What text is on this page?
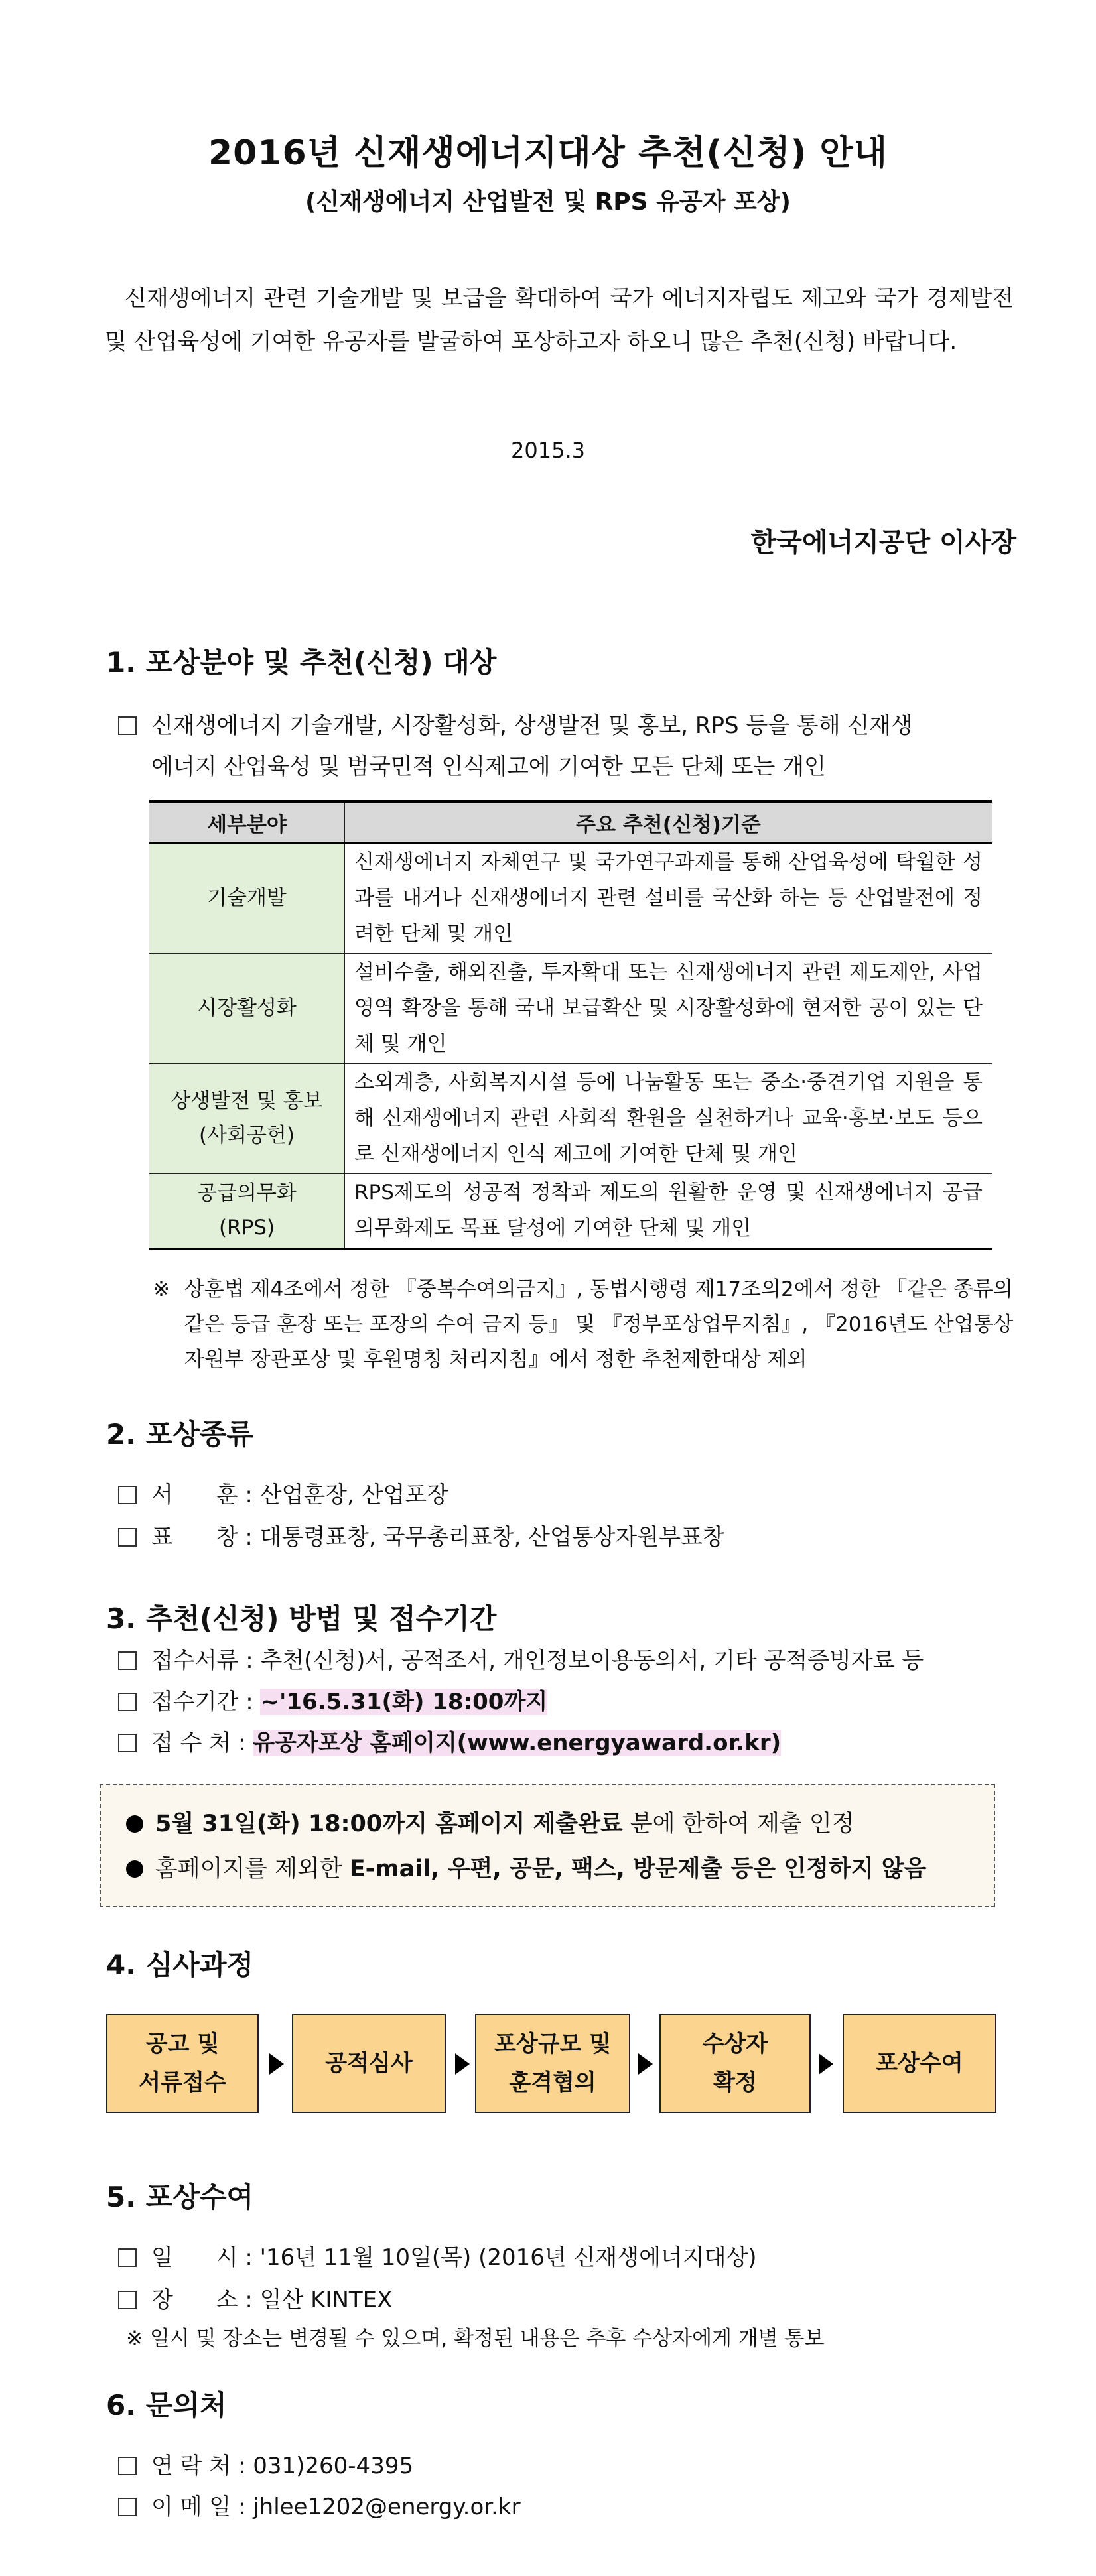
2016년 신재생에너지대상 추천(신청) 안내
(신재생에너지 산업발전 및 RPS 유공자 포상)
신재생에너지 관련 기술개발 및 보급을 확대하여 국가 에너지자립도 제고와 국가 경제발전 및 산업육성에 기여한 유공자를 발굴하여 포상하고자 하오니 많은 추천(신청) 바랍니다.
2015.3
한국에너지공단 이사장
1. 포상분야 및 추천(신청) 대상
신재생에너지 기술개발, 시장활성화, 상생발전 및 홍보, RPS 등을 통해 신재생
에너지 산업육성 및 범국민적 인식제고에 기여한 모든 단체 또는 개인
세부분야	주요 추천(신청)기준
기술개발	신재생에너지 자체연구 및 국가연구과제를 통해 산업육성에 탁월한 성과를 내거나 신재생에너지 관련 설비를 국산화 하는 등 산업발전에 정려한 단체 및 개인
시장활성화	설비수출, 해외진출, 투자확대 또는 신재생에너지 관련 제도제안, 사업영역 확장을 통해 국내 보급확산 및 시장활성화에 현저한 공이 있는 단체 및 개인
상생발전 및 홍보
(사회공헌)	소외계층, 사회복지시설 등에 나눔활동 또는 중소·중견기업 지원을 통해 신재생에너지 관련 사회적 환원을 실천하거나 교육·홍보·보도 등으로 신재생에너지 인식 제고에 기여한 단체 및 개인
공급의무화
(RPS)	RPS제도의 성공적 정착과 제도의 원활한 운영 및 신재생에너지 공급의무화제도 목표 달성에 기여한 단체 및 개인
※ 상훈법 제4조에서 정한 『중복수여의금지』, 동법시행령 제17조의2에서 정한 『같은 종류의 같은 등급 훈장 또는 포장의 수여 금지 등』 및 『정부포상업무지침』, 『2016년도 산업통상자원부 장관포상 및 후원명칭 처리지침』에서 정한 추천제한대상 제외
2. 포상종류
서      훈 : 산업훈장, 산업포장
표      창 : 대통령표창, 국무총리표창, 산업통상자원부표창
3. 추천(신청) 방법 및 접수기간
접수서류 : 추천(신청)서, 공적조서, 개인정보이용동의서, 기타 공적증빙자료 등
접수기간 : ~'16.5.31(화) 18:00까지
접 수 처 : 유공자포상 홈페이지(www.energyaward.or.kr)
5월 31일(화) 18:00까지 홈페이지 제출완료 분에 한하여 제출 인정
홈페이지를 제외한 E-mail, 우편, 공문, 팩스, 방문제출 등은 인정하지 않음
4. 심사과정
공고 및
서류접수
공적심사
포상규모 및
훈격협의
수상자
확정
포상수여
5. 포상수여
일      시 : '16년 11월 10일(목) (2016년 신재생에너지대상)
장      소 : 일산 KINTEX
※ 일시 및 장소는 변경될 수 있으며, 확정된 내용은 추후 수상자에게 개별 통보
6. 문의처
연 락 처 : 031)260-4395
이 메 일 : jhlee1202@energy.or.kr
